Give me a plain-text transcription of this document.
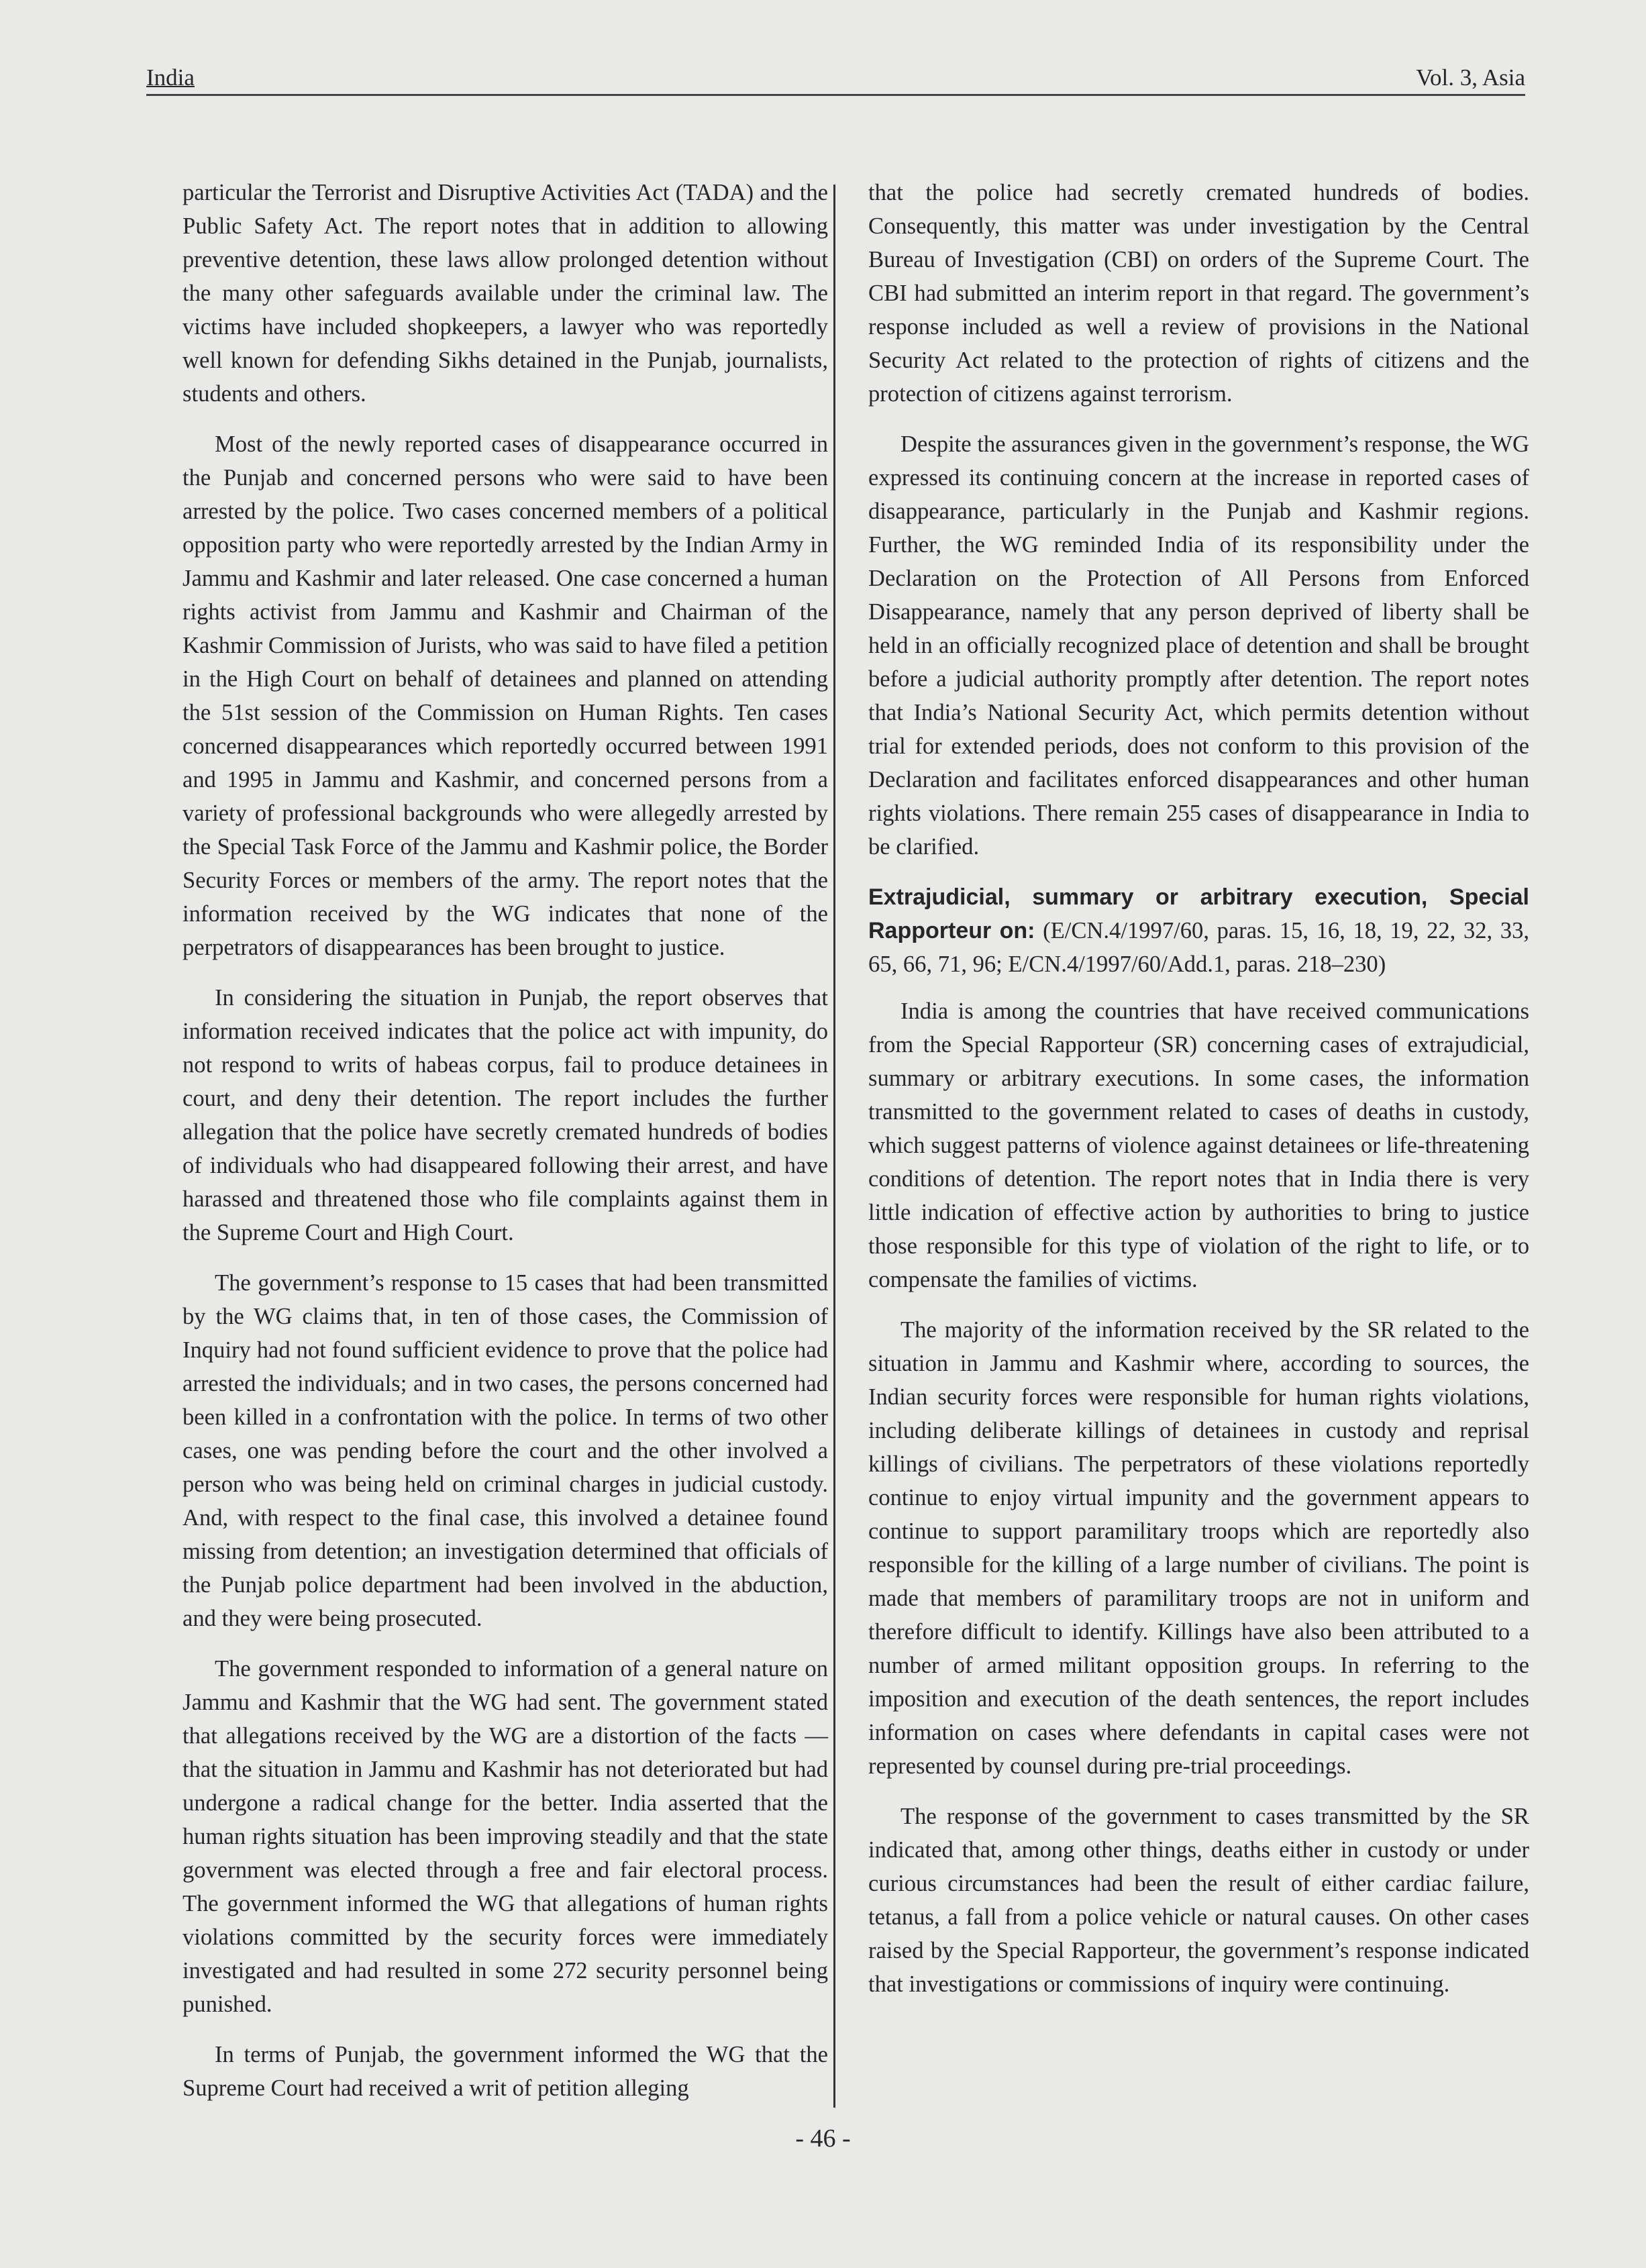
India	Vol. 3, Asia

particular the Terrorist and Disruptive Activities Act (TADA) and the Public Safety Act. The report notes that in addition to allowing preventive detention, these laws allow prolonged detention without the many other safeguards available under the criminal law. The victims have included shopkeepers, a lawyer who was reportedly well known for defending Sikhs detained in the Punjab, journalists, students and others.

Most of the newly reported cases of disappearance occurred in the Punjab and concerned persons who were said to have been arrested by the police. Two cases concerned members of a political opposition party who were reportedly arrested by the Indian Army in Jammu and Kashmir and later released. One case concerned a human rights activist from Jammu and Kashmir and Chairman of the Kashmir Commission of Jurists, who was said to have filed a petition in the High Court on behalf of detainees and planned on attending the 51st session of the Commission on Human Rights. Ten cases concerned disappearances which reportedly occurred between 1991 and 1995 in Jammu and Kashmir, and concerned persons from a variety of professional backgrounds who were allegedly arrested by the Special Task Force of the Jammu and Kashmir police, the Border Security Forces or members of the army. The report notes that the information received by the WG indicates that none of the perpetrators of disappearances has been brought to justice.

In considering the situation in Punjab, the report observes that information received indicates that the police act with impunity, do not respond to writs of habeas corpus, fail to produce detainees in court, and deny their detention. The report includes the further allegation that the police have secretly cremated hundreds of bodies of individuals who had disappeared following their arrest, and have harassed and threatened those who file complaints against them in the Supreme Court and High Court.

The government’s response to 15 cases that had been transmitted by the WG claims that, in ten of those cases, the Commission of Inquiry had not found sufficient evidence to prove that the police had arrested the individuals; and in two cases, the persons concerned had been killed in a confrontation with the police. In terms of two other cases, one was pending before the court and the other involved a person who was being held on criminal charges in judicial custody. And, with respect to the final case, this involved a detainee found missing from detention; an investigation determined that officials of the Punjab police department had been involved in the abduction, and they were being prosecuted.

The government responded to information of a general nature on Jammu and Kashmir that the WG had sent. The government stated that allegations received by the WG are a distortion of the facts — that the situation in Jammu and Kashmir has not deteriorated but had undergone a radical change for the better. India asserted that the human rights situation has been improving steadily and that the state government was elected through a free and fair electoral process. The government informed the WG that allegations of human rights violations committed by the security forces were immediately investigated and had resulted in some 272 security personnel being punished.

In terms of Punjab, the government informed the WG that the Supreme Court had received a writ of petition alleging

that the police had secretly cremated hundreds of bodies. Consequently, this matter was under investigation by the Central Bureau of Investigation (CBI) on orders of the Supreme Court. The CBI had submitted an interim report in that regard. The government’s response included as well a review of provisions in the National Security Act related to the protection of rights of citizens and the protection of citizens against terrorism.

Despite the assurances given in the government’s response, the WG expressed its continuing concern at the increase in reported cases of disappearance, particularly in the Punjab and Kashmir regions. Further, the WG reminded India of its responsibility under the Declaration on the Protection of All Persons from Enforced Disappearance, namely that any person deprived of liberty shall be held in an officially recognized place of detention and shall be brought before a judicial authority promptly after detention. The report notes that India’s National Security Act, which permits detention without trial for extended periods, does not conform to this provision of the Declaration and facilitates enforced disappearances and other human rights violations. There remain 255 cases of disappearance in India to be clarified.

Extrajudicial, summary or arbitrary execution, Special Rapporteur on: (E/CN.4/1997/60, paras. 15, 16, 18, 19, 22, 32, 33, 65, 66, 71, 96; E/CN.4/1997/60/Add.1, paras. 218–230)

India is among the countries that have received communications from the Special Rapporteur (SR) concerning cases of extrajudicial, summary or arbitrary executions. In some cases, the information transmitted to the government related to cases of deaths in custody, which suggest patterns of violence against detainees or life-threatening conditions of detention. The report notes that in India there is very little indication of effective action by authorities to bring to justice those responsible for this type of violation of the right to life, or to compensate the families of victims.

The majority of the information received by the SR related to the situation in Jammu and Kashmir where, according to sources, the Indian security forces were responsible for human rights violations, including deliberate killings of detainees in custody and reprisal killings of civilians. The perpetrators of these violations reportedly continue to enjoy virtual impunity and the government appears to continue to support paramilitary troops which are reportedly also responsible for the killing of a large number of civilians. The point is made that members of paramilitary troops are not in uniform and therefore difficult to identify. Killings have also been attributed to a number of armed militant opposition groups. In referring to the imposition and execution of the death sentences, the report includes information on cases where defendants in capital cases were not represented by counsel during pre-trial proceedings.

The response of the government to cases transmitted by the SR indicated that, among other things, deaths either in custody or under curious circumstances had been the result of either cardiac failure, tetanus, a fall from a police vehicle or natural causes. On other cases raised by the Special Rapporteur, the government’s response indicated that investigations or commissions of inquiry were continuing.

- 46 -
